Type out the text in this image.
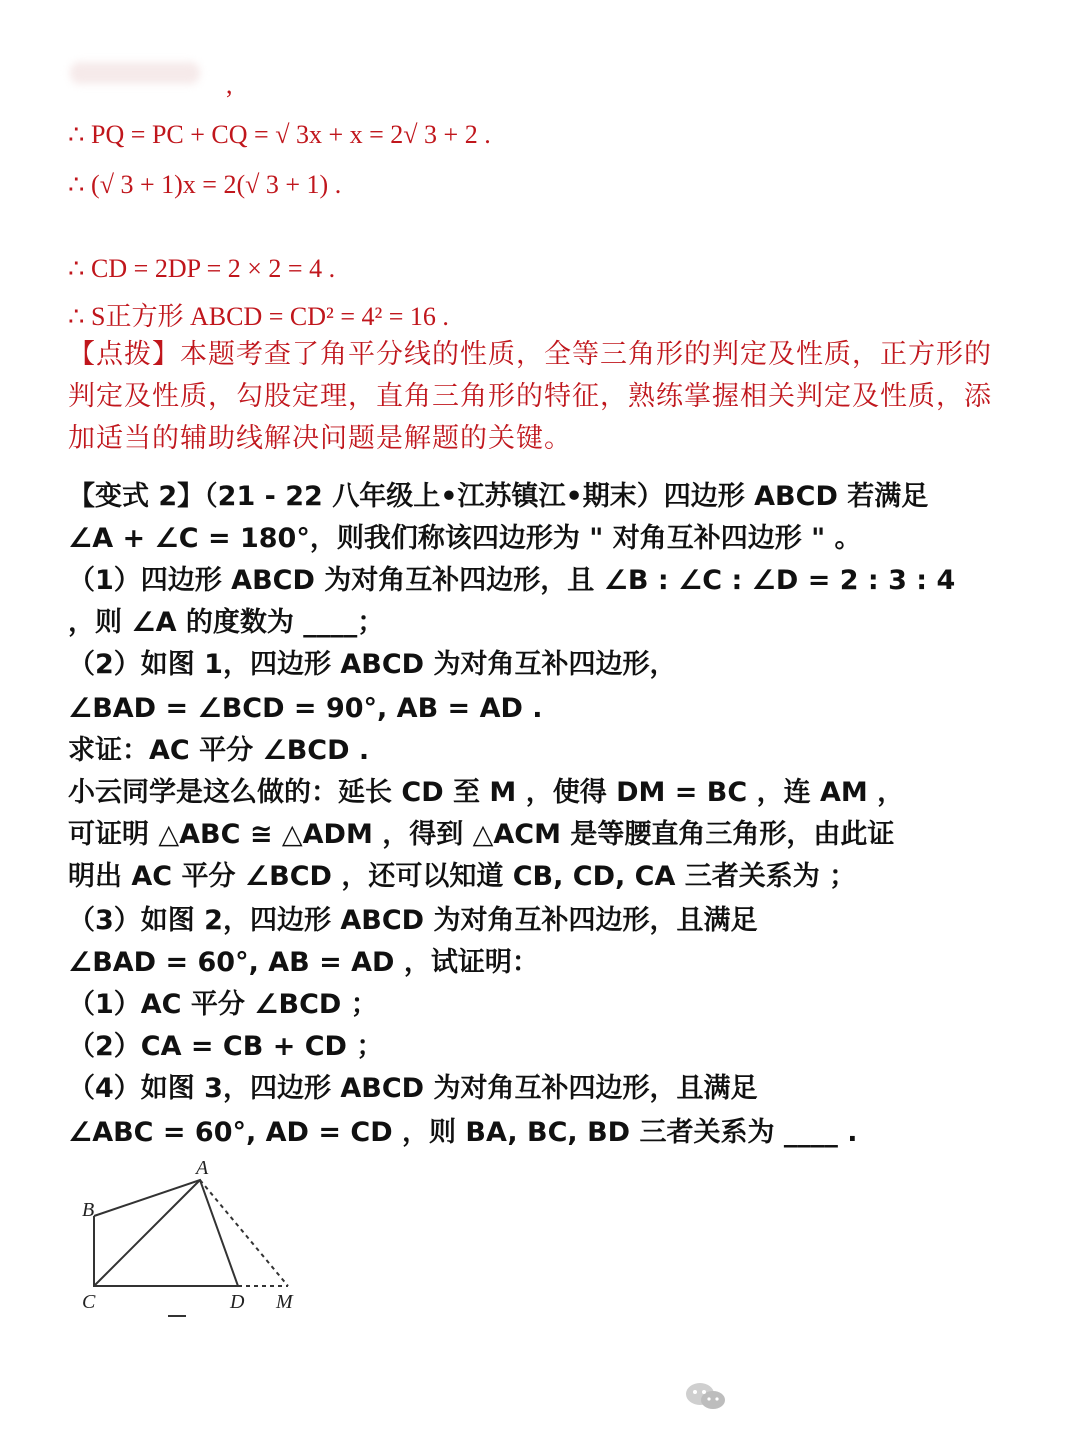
,
∴ PQ = PC + CQ = √ 3x + x = 2√ 3 + 2 .
∴ (√ 3 + 1)x = 2(√ 3 + 1) .
∴ CD = 2DP = 2 × 2 = 4 .
∴ S正方形 ABCD = CD² = 4² = 16 .
【点拨】本题考查了角平分线的性质，全等三角形的判定及性质，正方形的判定及性质，勾股定理，直角三角形的特征，熟练掌握相关判定及性质，添加适当的辅助线解决问题是解题的关键。
【变式 2】（21 - 22 八年级上•江苏镇江•期末）四边形 ABCD 若满足
∠A + ∠C = 180°，则我们称该四边形为 " 对角互补四边形 " 。
（1）四边形 ABCD 为对角互补四边形，且 ∠B : ∠C : ∠D = 2 : 3 : 4
，则 ∠A 的度数为 ____；
（2）如图 1，四边形 ABCD 为对角互补四边形，
∠BAD = ∠BCD = 90°, AB = AD .
求证：AC 平分 ∠BCD .
小云同学是这么做的：延长 CD 至 M ，使得 DM = BC ，连 AM ，
可证明 △ABC ≅ △ADM ，得到 △ACM 是等腰直角三角形，由此证
明出 AC 平分 ∠BCD ，还可以知道 CB, CD, CA 三者关系为 ；
（3）如图 2，四边形 ABCD 为对角互补四边形，且满足
∠BAD = 60°, AB = AD ，试证明：
（1）AC 平分 ∠BCD ；
（2）CA = CB + CD ；
（4）如图 3，四边形 ABCD 为对角互补四边形，且满足
∠ABC = 60°, AD = CD ，则 BA, BC, BD 三者关系为 ____ .
A
B
C	D M
